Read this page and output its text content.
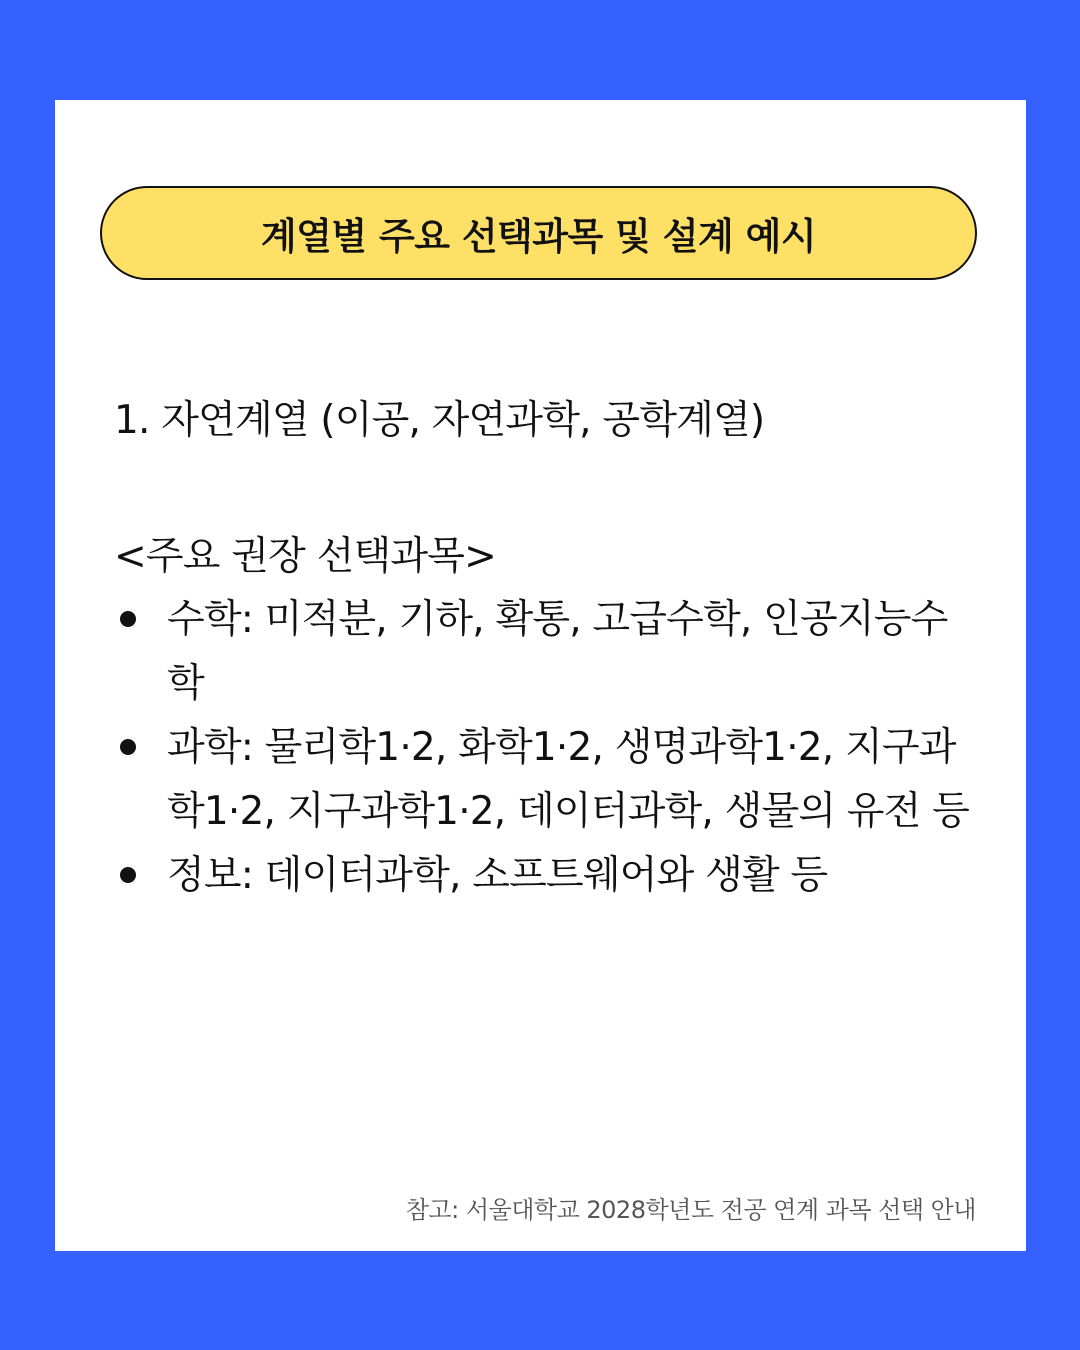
계열별 주요 선택과목 및 설계 예시

1. 자연계열 (이공, 자연과학, 공학계열)

<주요 권장 선택과목>

수학: 미적분, 기하, 확통, 고급수학, 인공지능수학
과학: 물리학1·2, 화학1·2, 생명과학1·2, 지구과학1·2, 지구과학1·2, 데이터과학, 생물의 유전 등
정보: 데이터과학, 소프트웨어와 생활 등
참고: 서울대학교 2028학년도 전공 연계 과목 선택 안내
